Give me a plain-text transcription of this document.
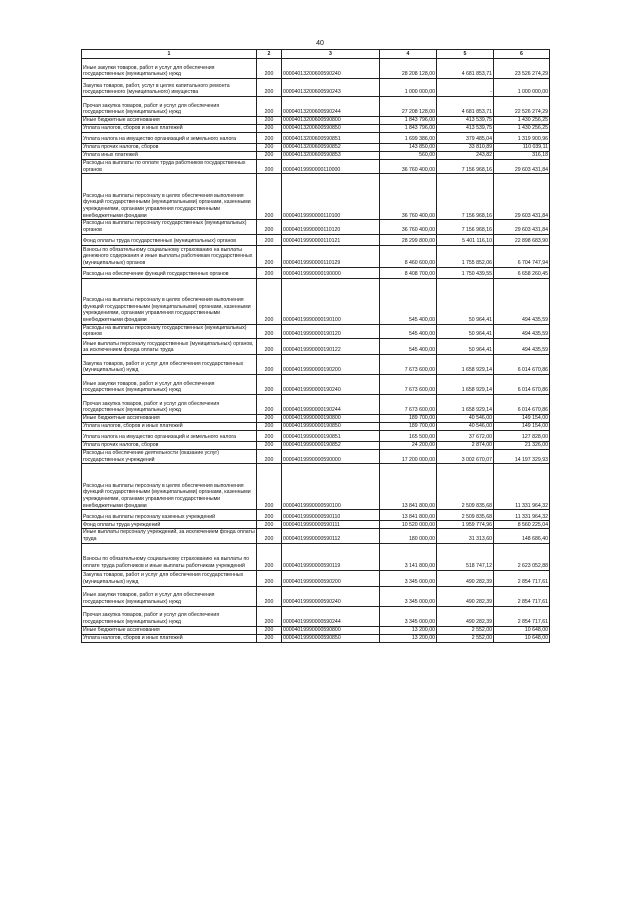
40
1	2	3	4	5	6
Иные закупки товаров, работ и услуг для обеспечения государственных (муниципальных) нужд	200	00004013200600590240	28 208 128,00	4 681 853,71	23 526 274,29
Закупка товаров, работ, услуг в целях капитального ремонта государственного (муниципального) имущества	200	00004013200600590243	1 000 000,00	-	1 000 000,00
Прочая закупка товаров, работ и услуг для обеспечения государственных (муниципальных) нужд	200	00004013200600590244	27 208 128,00	4 681 853,71	22 526 274,29
Иные бюджетные ассигнования	200	00004013200600590800	1 843 796,00	413 539,75	1 430 256,25
Уплата налогов, сборов и иных платежей	200	00004013200600590850	1 843 796,00	413 539,75	1 430 256,25
Уплата налога на имущество организаций и земельного налога	200	00004013200600590851	1 699 386,00	379 485,04	1 319 900,96
Уплата прочих налогов, сборов	200	00004013200600590852	143 850,00	33 810,89	110 039,11
Уплата иных платежей	200	00004013200600590853	560,00	243,82	316,18
Расходы на выплаты по оплате труда работников государственных органов	200	00004019990000110000	36 760 400,00	7 156 968,16	29 603 431,84
Расходы на выплаты персоналу в целях обеспечения выполнения функций государственными (муниципальными) органами, казенными учреждениями, органами управления государственными внебюджетными фондами	200	00004019990000110100	36 760 400,00	7 156 968,16	29 603 431,84
Расходы на выплаты персоналу государственных (муниципальных) органов	200	00004019990000110120	36 760 400,00	7 156 968,16	29 603 431,84
Фонд оплаты труда государственных (муниципальных) органов	200	00004019990000110121	28 299 800,00	5 401 116,10	22 898 683,90
Взносы по обязательному социальному страхованию на выплаты денежного содержания и иные выплаты работникам государственных (муниципальных) органов	200	00004019990000110129	8 460 600,00	1 755 852,06	6 704 747,94
Расходы на обеспечение функций государственных органов	200	00004019990000190000	8 408 700,00	1 750 439,55	6 658 260,45
Расходы на выплаты персоналу в целях обеспечения выполнения функций государственными (муниципальными) органами, казенными учреждениями, органами управления государственными внебюджетными фондами	200	00004019990000190100	545 400,00	50 964,41	494 435,59
Расходы на выплаты персоналу государственных (муниципальных) органов	200	00004019990000190120	545 400,00	50 964,41	494 435,59
Иные выплаты персоналу государственных (муниципальных) органов, за исключением фонда оплаты труда	200	00004019990000190122	545 400,00	50 964,41	494 435,59
Закупка товаров, работ и услуг для обеспечения государственных (муниципальных) нужд	200	00004019990000190200	7 673 600,00	1 658 929,14	6 014 670,86
Иные закупки товаров, работ и услуг для обеспечения государственных (муниципальных) нужд	200	00004019990000190240	7 673 600,00	1 658 929,14	6 014 670,86
Прочая закупка товаров, работ и услуг для обеспечения государственных (муниципальных) нужд	200	00004019990000190244	7 673 600,00	1 658 929,14	6 014 670,86
Иные бюджетные ассигнования	200	00004019990000190800	189 700,00	40 546,00	149 154,00
Уплата налогов, сборов и иных платежей	200	00004019990000190850	189 700,00	40 546,00	149 154,00
Уплата налога на имущество организаций и земельного налога	200	00004019990000190851	165 500,00	37 672,00	127 828,00
Уплата прочих налогов, сборов	200	00004019990000190852	24 200,00	2 874,00	21 326,00
Расходы на обеспечение деятельности (оказание услуг) государственных учреждений	200	00004019990000590000	17 200 000,00	3 002 670,07	14 197 329,93
Расходы на выплаты персоналу в целях обеспечения выполнения функций государственными (муниципальными) органами, казенными учреждениями, органами управления государственными внебюджетными фондами	200	00004019990000590100	13 841 800,00	2 509 835,68	11 331 964,32
Расходы на выплаты персоналу казенных учреждений	200	00004019990000590110	13 841 800,00	2 509 835,68	11 331 964,32
Фонд оплаты труда учреждений	200	00004019990000590111	10 520 000,00	1 959 774,96	8 560 225,04
Иные выплаты персоналу учреждений, за исключением фонда оплаты труда	200	00004019990000590112	180 000,00	31 313,60	148 686,40
Взносы по обязательному социальному страхованию на выплаты по оплате труда работников и иные выплаты работникам учреждений	200	00004019990000590119	3 141 800,00	518 747,12	2 623 052,88
Закупка товаров, работ и услуг для обеспечения государственных (муниципальных) нужд	200	00004019990000590200	3 345 000,00	490 282,39	2 854 717,61
Иные закупки товаров, работ и услуг для обеспечения государственных (муниципальных) нужд	200	00004019990000590240	3 345 000,00	490 282,39	2 854 717,61
Прочая закупка товаров, работ и услуг для обеспечения государственных (муниципальных) нужд	200	00004019990000590244	3 345 000,00	490 282,39	2 854 717,61
Иные бюджетные ассигнования	200	00004019990000590800	13 200,00	2 552,00	10 648,00
Уплата налогов, сборов и иных платежей	200	00004019990000590850	13 200,00	2 552,00	10 648,00
